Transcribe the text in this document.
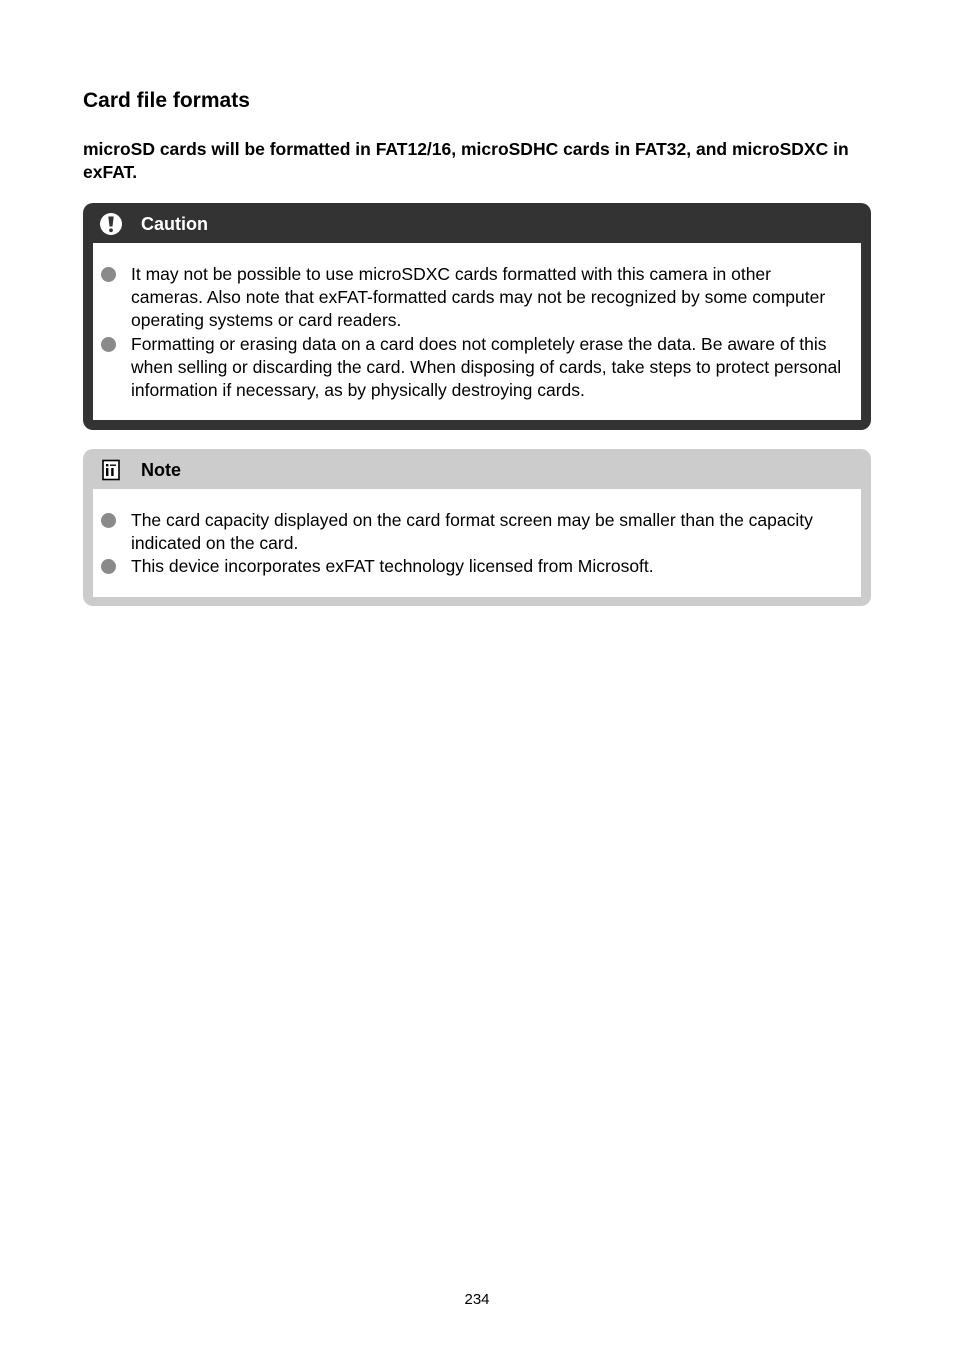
Card file formats

microSD cards will be formatted in FAT12/16, microSDHC cards in FAT32, and microSDXC in exFAT.

Caution
It may not be possible to use microSDXC cards formatted with this camera in other cameras. Also note that exFAT-formatted cards may not be recognized by some computer operating systems or card readers.
Formatting or erasing data on a card does not completely erase the data. Be aware of this when selling or discarding the card. When disposing of cards, take steps to protect personal information if necessary, as by physically destroying cards.
Note
The card capacity displayed on the card format screen may be smaller than the capacity indicated on the card.
This device incorporates exFAT technology licensed from Microsoft.
234
